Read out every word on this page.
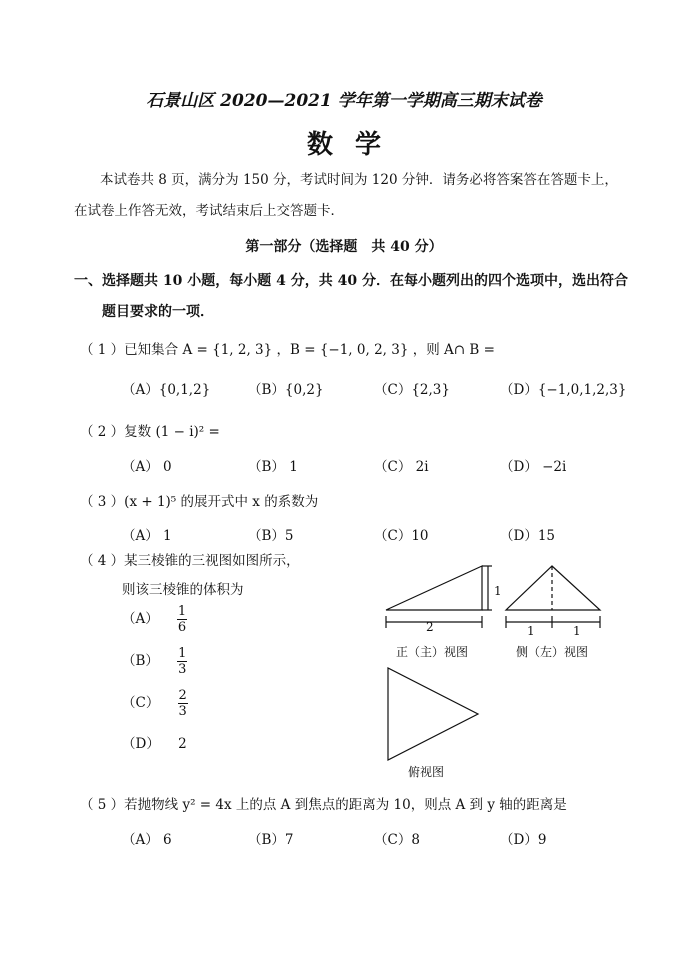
石景山区 2020—2021 学年第一学期高三期末试卷
数学
本试卷共 8 页，满分为 150 分，考试时间为 120 分钟．请务必将答案答在答题卡上，
在试卷上作答无效，考试结束后上交答题卡．
第一部分（选择题　共 40 分）
一、选择题共 10 小题，每小题 4 分，共 40 分．在每小题列出的四个选项中，选出符合
题目要求的一项．
（ 1 ）已知集合 A = {1, 2, 3} ，B = {−1, 0, 2, 3} ，则 A∩ B =
（A）{0,1,2}	（B）{0,2}	（C）{2,3}	（D）{−1,0,1,2,3}
（ 2 ）复数 (1 − i)² =
（A） 0	（B） 1	（C） 2i	（D） −2i
（ 3 ）(x + 1)⁵ 的展开式中 x 的系数为
（A） 1	（B）5	（C）10	（D）15
（ 4 ）某三棱锥的三视图如图所示，
则该三棱锥的体积为
$(A) \frac{1}{6}$
$(B) \frac{1}{3}$
$(C) \frac{2}{3}$
（D） 2
2
1
1	1
正（主）视图	侧（左）视图
俯视图
（ 5 ）若抛物线 y² = 4x 上的点 A 到焦点的距离为 10，则点 A 到 y 轴的距离是
（A） 6	（B）7	（C）8	（D）9
